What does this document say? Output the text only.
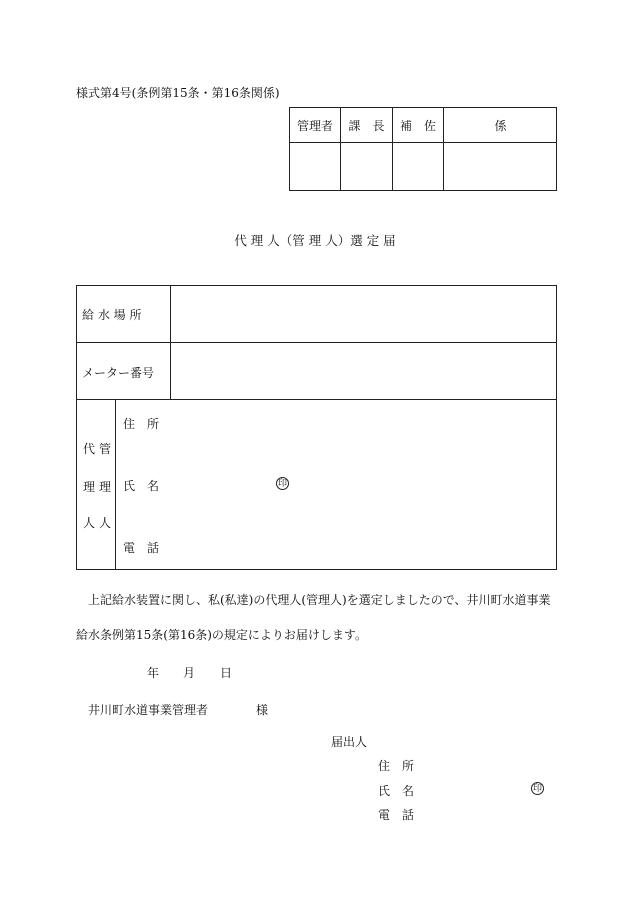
様式第4号(条例第15条・第16条関係)
管理者	課　長	補　佐	係
代 理 人（管 理 人）選 定 届
給 水 場 所
メーター番号
代
理
人
管
理
人
住　所
氏　名	印
電　話
上記給水装置に関し、私(私達)の代理人(管理人)を選定しましたので、井川町水道事業
給水条例第15条(第16条)の規定によりお届けします。
年 月 日
井川町水道事業管理者	様
届出人
住　所
氏　名	印
電　話
